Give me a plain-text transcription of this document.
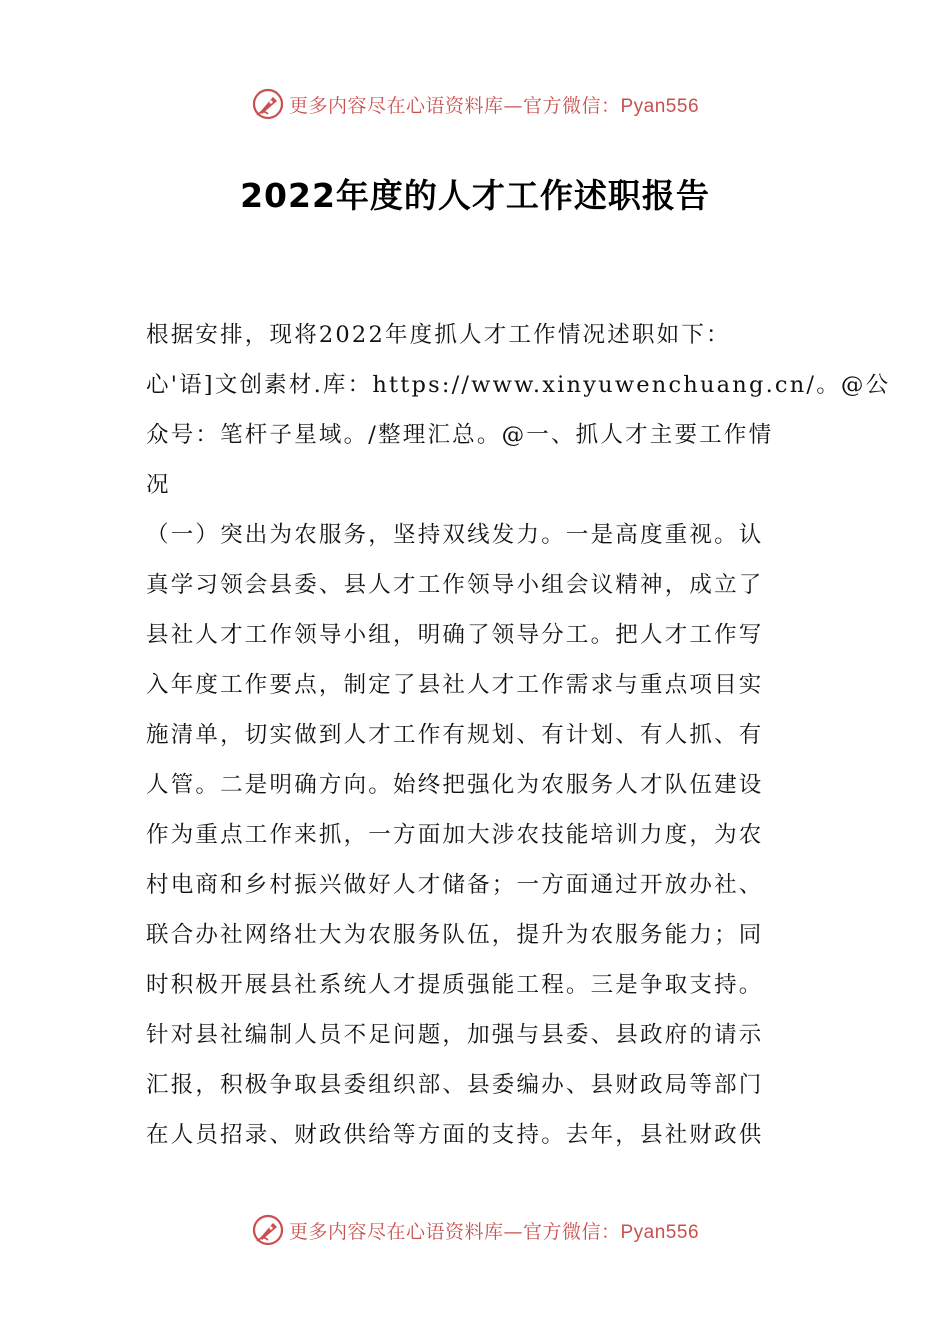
更多内容尽在心语资料库—官方微信：Pyan556
2022年度的人才工作述职报告

根据安排，现将2022年度抓人才工作情况述职如下：

心'语]文创素材.库：https://www.xinyuwenchuang.cn/。@公

众号：笔杆子星域。/整理汇总。@一、抓人才主要工作情

况

（一）突出为农服务，坚持双线发力。一是高度重视。认

真学习领会县委、县人才工作领导小组会议精神，成立了

县社人才工作领导小组，明确了领导分工。把人才工作写

入年度工作要点，制定了县社人才工作需求与重点项目实

施清单，切实做到人才工作有规划、有计划、有人抓、有

人管。二是明确方向。始终把强化为农服务人才队伍建设

作为重点工作来抓，一方面加大涉农技能培训力度，为农

村电商和乡村振兴做好人才储备；一方面通过开放办社、

联合办社网络壮大为农服务队伍，提升为农服务能力；同

时积极开展县社系统人才提质强能工程。三是争取支持。

针对县社编制人员不足问题，加强与县委、县政府的请示

汇报，积极争取县委组织部、县委编办、县财政局等部门

在人员招录、财政供给等方面的支持。去年，县社财政供

更多内容尽在心语资料库—官方微信：Pyan556
